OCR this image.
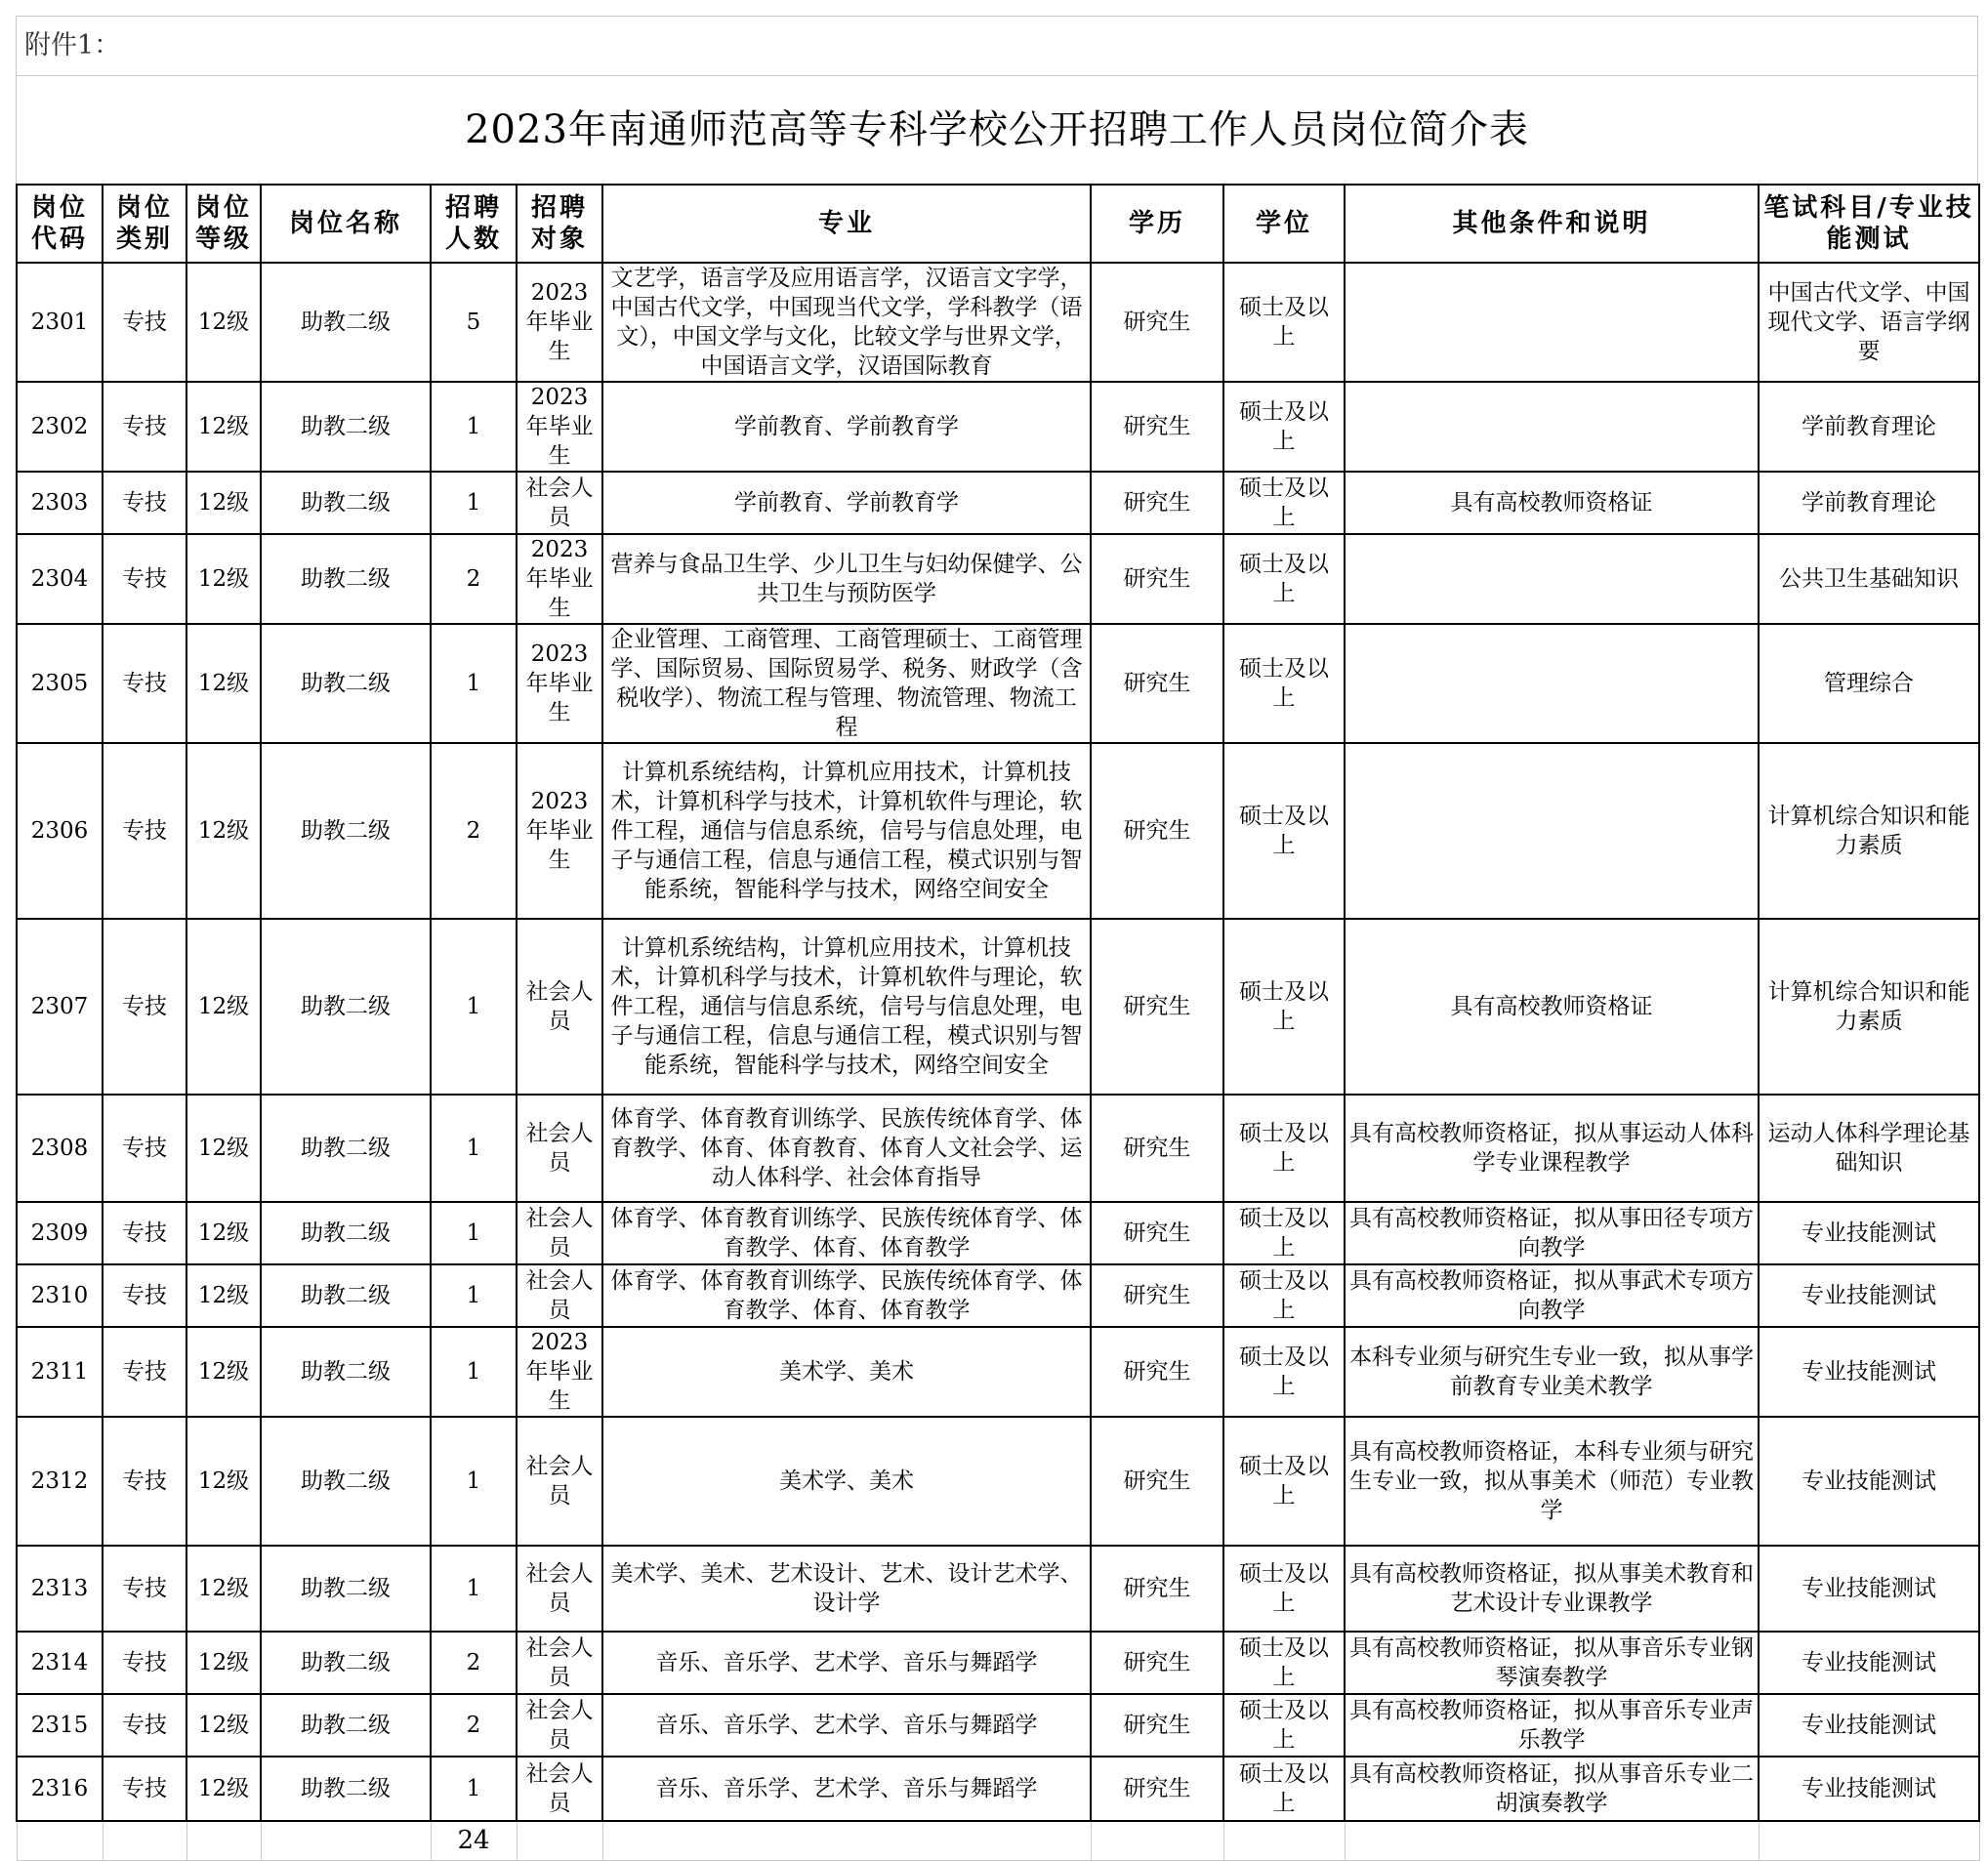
附件1：
2023年南通师范高等专科学校公开招聘工作人员岗位简介表
岗位代码	岗位类别	岗位等级	岗位名称	招聘人数	招聘对象	专业	学历	学位	其他条件和说明	笔试科目/专业技能测试
2301	专技	12级	助教二级	5	2023年毕业生	文艺学，语言学及应用语言学，汉语言文字学，中国古代文学，中国现当代文学，学科教学（语文），中国文学与文化，比较文学与世界文学，中国语言文学，汉语国际教育	研究生	硕士及以上		中国古代文学、中国现代文学、语言学纲要
2302	专技	12级	助教二级	1	2023年毕业生	学前教育、学前教育学	研究生	硕士及以上		学前教育理论
2303	专技	12级	助教二级	1	社会人员	学前教育、学前教育学	研究生	硕士及以上	具有高校教师资格证	学前教育理论
2304	专技	12级	助教二级	2	2023年毕业生	营养与食品卫生学、少儿卫生与妇幼保健学、公共卫生与预防医学	研究生	硕士及以上		公共卫生基础知识
2305	专技	12级	助教二级	1	2023年毕业生	企业管理、工商管理、工商管理硕士、工商管理学、国际贸易、国际贸易学、税务、财政学（含税收学）、物流工程与管理、物流管理、物流工程	研究生	硕士及以上		管理综合
2306	专技	12级	助教二级	2	2023年毕业生	计算机系统结构，计算机应用技术，计算机技术，计算机科学与技术，计算机软件与理论，软件工程，通信与信息系统，信号与信息处理，电子与通信工程，信息与通信工程，模式识别与智能系统，智能科学与技术，网络空间安全	研究生	硕士及以上		计算机综合知识和能力素质
2307	专技	12级	助教二级	1	社会人员	计算机系统结构，计算机应用技术，计算机技术，计算机科学与技术，计算机软件与理论，软件工程，通信与信息系统，信号与信息处理，电子与通信工程，信息与通信工程，模式识别与智能系统，智能科学与技术，网络空间安全	研究生	硕士及以上	具有高校教师资格证	计算机综合知识和能力素质
2308	专技	12级	助教二级	1	社会人员	体育学、体育教育训练学、民族传统体育学、体育教学、体育、体育教育、体育人文社会学、运动人体科学、社会体育指导	研究生	硕士及以上	具有高校教师资格证，拟从事运动人体科学专业课程教学	运动人体科学理论基础知识
2309	专技	12级	助教二级	1	社会人员	体育学、体育教育训练学、民族传统体育学、体育教学、体育、体育教学	研究生	硕士及以上	具有高校教师资格证，拟从事田径专项方向教学	专业技能测试
2310	专技	12级	助教二级	1	社会人员	体育学、体育教育训练学、民族传统体育学、体育教学、体育、体育教学	研究生	硕士及以上	具有高校教师资格证，拟从事武术专项方向教学	专业技能测试
2311	专技	12级	助教二级	1	2023年毕业生	美术学、美术	研究生	硕士及以上	本科专业须与研究生专业一致，拟从事学前教育专业美术教学	专业技能测试
2312	专技	12级	助教二级	1	社会人员	美术学、美术	研究生	硕士及以上	具有高校教师资格证，本科专业须与研究生专业一致，拟从事美术（师范）专业教学	专业技能测试
2313	专技	12级	助教二级	1	社会人员	美术学、美术、艺术设计、艺术、设计艺术学、设计学	研究生	硕士及以上	具有高校教师资格证，拟从事美术教育和艺术设计专业课教学	专业技能测试
2314	专技	12级	助教二级	2	社会人员	音乐、音乐学、艺术学、音乐与舞蹈学	研究生	硕士及以上	具有高校教师资格证，拟从事音乐专业钢琴演奏教学	专业技能测试
2315	专技	12级	助教二级	2	社会人员	音乐、音乐学、艺术学、音乐与舞蹈学	研究生	硕士及以上	具有高校教师资格证，拟从事音乐专业声乐教学	专业技能测试
2316	专技	12级	助教二级	1	社会人员	音乐、音乐学、艺术学、音乐与舞蹈学	研究生	硕士及以上	具有高校教师资格证，拟从事音乐专业二胡演奏教学	专业技能测试
				24						
